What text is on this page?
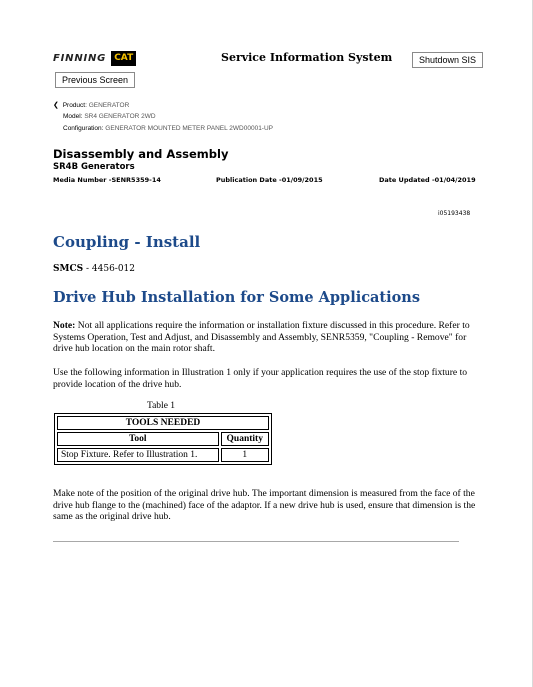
FINNING CAT	Service Information System	Shutdown SIS
Previous Screen
❮ Product: GENERATOR
Model: SR4 GENERATOR 2WD
Configuration: GENERATOR MOUNTED METER PANEL 2WD00001-UP
Disassembly and Assembly
SR4B Generators
Media Number -SENR5359-14	Publication Date -01/09/2015	Date Updated -01/04/2019
i05193438
Coupling - Install
SMCS - 4456-012
Drive Hub Installation for Some Applications
Note: Not all applications require the information or installation fixture discussed in this procedure. Refer to Systems Operation, Test and Adjust, and Disassembly and Assembly, SENR5359, "Coupling - Remove" for drive hub location on the main rotor shaft.
Use the following information in Illustration 1 only if your application requires the use of the stop fixture to provide location of the drive hub.
Table 1
TOOLS NEEDED	
Tool	Quantity
Stop Fixture. Refer to Illustration 1.	1
Make note of the position of the original drive hub. The important dimension is measured from the face of the drive hub flange to the (machined) face of the adaptor. If a new drive hub is used, ensure that dimension is the same as the original drive hub.
